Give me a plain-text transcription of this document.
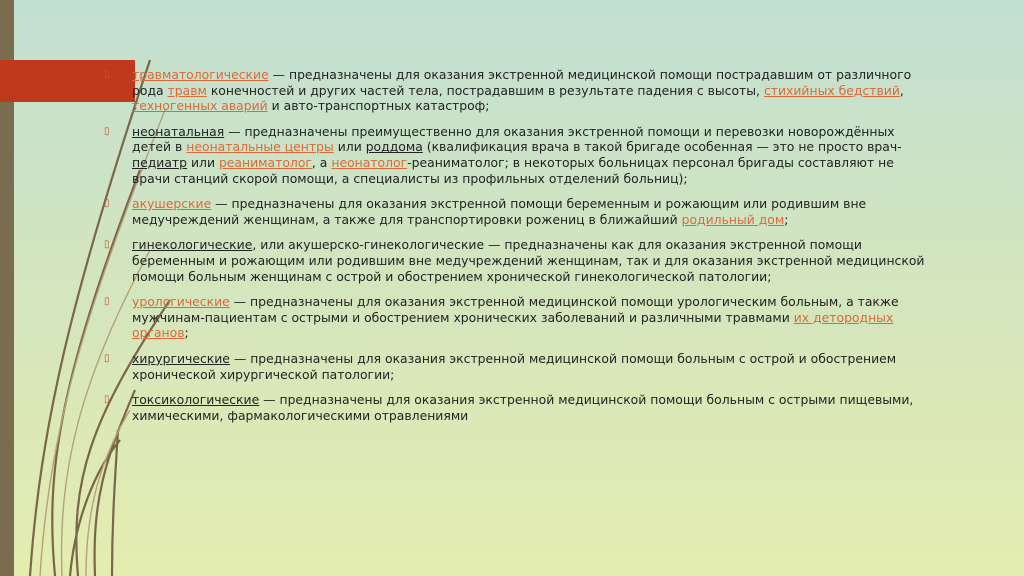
▯ травматологические — предназначены для оказания экстренной медицинской помощи пострадавшим от различного рода травм конечностей и других частей тела, пострадавшим в результате падения с высоты, стихийных бедствий, техногенных аварий и авто-транспортных катастроф;
▯ неонатальная — предназначены преимущественно для оказания экстренной помощи и перевозки новорождённых детей в неонатальные центры или роддома (квалификация врача в такой бригаде особенная — это не просто врач-педиатр или реаниматолог, а неонатолог-реаниматолог; в некоторых больницах персонал бригады составляют не врачи станций скорой помощи, а специалисты из профильных отделений больниц);
▯ акушерские — предназначены для оказания экстренной помощи беременным и рожающим или родившим вне медучреждений женщинам, а также для транспортировки рожениц в ближайший родильный дом;
▯ гинекологические, или акушерско-гинекологические — предназначены как для оказания экстренной помощи беременным и рожающим или родившим вне медучреждений женщинам, так и для оказания экстренной медицинской помощи больным женщинам с острой и обострением хронической гинекологической патологии;
▯ урологические — предназначены для оказания экстренной медицинской помощи урологическим больным, а также мужчинам-пациентам с острыми и обострением хронических заболеваний и различными травмами их детородных органов;
▯ хирургические — предназначены для оказания экстренной медицинской помощи больным с острой и обострением хронической хирургической патологии;
▯ токсикологические — предназначены для оказания экстренной медицинской помощи больным с острыми пищевыми, химическими, фармакологическими отравлениями
